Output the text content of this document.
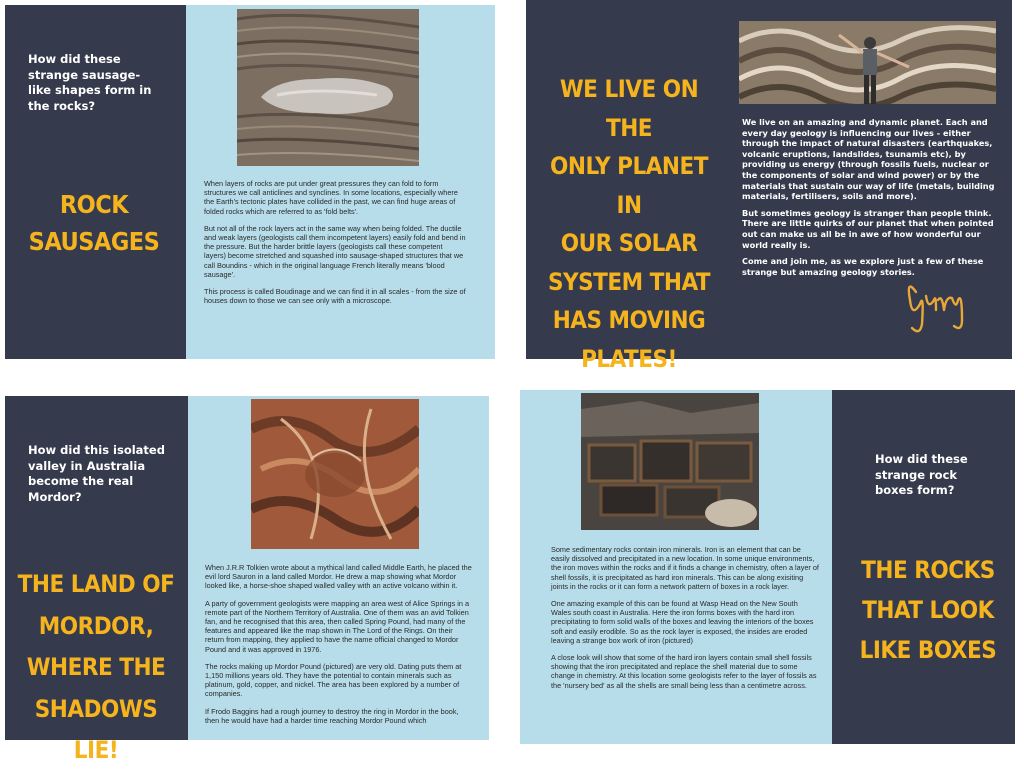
How did these strange sausage-like shapes form in the rocks?
ROCK
SAUSAGES

When layers of rocks are put under great pressures they can fold to form structures we call anticlines and synclines. In some locations, especially where the Earth's tectonic plates have collided in the past, we can find huge areas of folded rocks which are referred to as 'fold belts'.

But not all of the rock layers act in the same way when being folded. The ductile and weak layers (geologists call them incompetent layers) easily fold and bend in the pressure. But the harder brittle layers (geologists call these competent layers) become stretched and squashed into sausage-shaped structures that we call Boundins - which in the original language French literally means 'blood sausage'.

This process is called Boudinage and we can find it in all scales - from the size of houses down to those we can see only with a microscope.

WE LIVE ON THE
ONLY PLANET IN
OUR SOLAR
SYSTEM THAT
HAS MOVING
PLATES!

We live on an amazing and dynamic planet. Each and every day geology is influencing our lives - either through the impact of natural disasters (earthquakes, volcanic eruptions, landslides, tsunamis etc), by providing us energy (through fossils fuels, nuclear or the components of solar and wind power) or by the materials that sustain our way of life (metals, building materials, fertilisers, soils and more).

But sometimes geology is stranger than people think. There are little quirks of our planet that when pointed out can make us all be in awe of how wonderful our world really is.

Come and join me, as we explore just a few of these strange but amazing geology stories.

How did this isolated valley in Australia become the real Mordor?
THE LAND OF
MORDOR,
WHERE THE
SHADOWS LIE!

When J.R.R Tolkien wrote about a mythical land called Middle Earth, he placed the evil lord Sauron in a land called Mordor. He drew a map showing what Mordor looked like, a horse-shoe shaped walled valley with an active volcano within it.

A party of government geologists were mapping an area west of Alice Springs in a remote part of the Northern Territory of Australia. One of them was an avid Tolkien fan, and he recognised that this area, then called Spring Pound, had many of the features and appeared like the map shown in The Lord of the Rings. On their return from mapping, they applied to have the name official changed to Mordor Pound and it was approved in 1976.

The rocks making up Mordor Pound (pictured) are very old. Dating puts them at 1,150 millions years old. They have the potential to contain minerals such as platinum, gold, copper, and nickel. The area has been explored by a number of companies.

If Frodo Baggins had a rough journey to destroy the ring in Mordor in the book, then he would have had a harder time reaching Mordor Pound which

Some sedimentary rocks contain iron minerals. Iron is an element that can be easily dissolved and precipitated in a new location. In some unique environments, the iron moves within the rocks and if it finds a change in chemistry, often a layer of shell fossils, it is precipitated as hard iron minerals. This can be along exisiting joints in the rocks or it can form a network pattern of boxes in a rock layer.

One amazing example of this can be found at Wasp Head on the New South Wales south coast in Australia. Here the iron forms boxes with the hard iron precipitating to form solid walls of the boxes and leaving the interiors of the boxes soft and easily erodible. So as the rock layer is exposed, the insides are eroded leaving a strange box work of iron (pictured)

A close look will show that some of the hard iron layers contain small shell fossils showing that the iron precipitated and replace the shell material due to some change in chemistry. At this location some geologists refer to the layer of fossils as the 'nursery bed' as all the shells are small being less than a centimetre across.

How did these strange rock boxes form?
THE ROCKS
THAT LOOK
LIKE BOXES
